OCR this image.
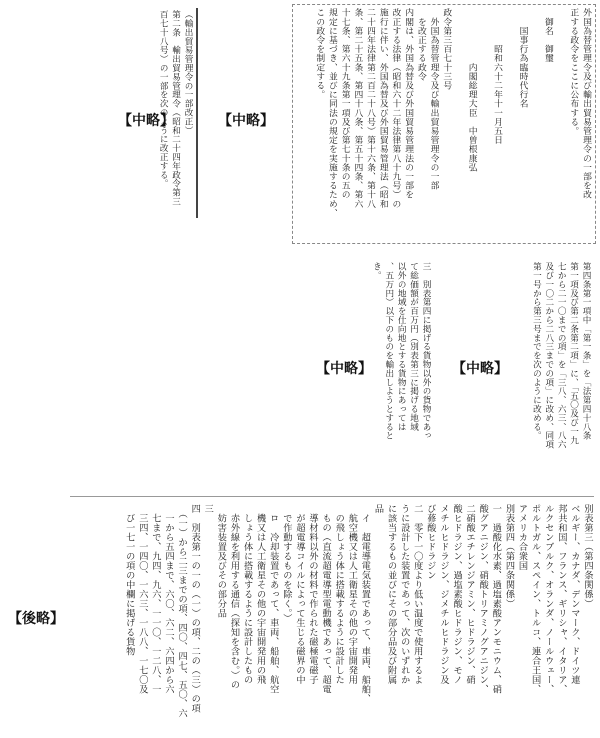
外国為替管理令及び輸出貿易管理令の一部を改
正する政令をここに公布する。

　御名　御璽

　　国事行為臨時代行名

　　　　昭和六十二年十一月五日

　　　　　　内閣総理大臣　中曽根康弘

政令第三百七十三号
　外国為替管理令及び輸出貿易管理令の一部
　を改正する政令
内閣は、外国為替及び外国貿易管理法の一部を
改正する法律（昭和六十二年法律第八十九号）の
施行に伴い、外国為替及び外国貿易管理法（昭和
二十四年法律第二百二十八号）第十六条、第十八
条、第二十五条、第四十八条、第五十四条、第六
十七条、第六十九条第一項及び第七十条の五の
規定に基づき、並びに同法の規定を実施するため、
この政令を制定する。
（輸出貿易管理令の一部改正）
第二条　輸出貿易管理令（昭和二十四年政令第三
百七十八号）の一部を次のように改正する。
【中略】	【中略】
第四条第一項中「第一条」を「法第四十八条
第一項及び第二条第二項」に、「五〇及び一九
七から二一〇までの項」を「三八、六三、八六
及び一〇二から二八三までの項」に改め、同項
第一号から第三号までを次のように改める。
三　別表第四に掲げる貨物以外の貨物であっ
て総価額が百万円（別表第三に掲げる地域
以外の地域を仕向地とする貨物にあっては
、五万円）以下のものを輸出しようとすると
き。
【中略】	【中略】
別表第三（第四条関係）
ベルギー、カナダ、デンマーク、ドイツ連
邦共和国、フランス、ギリシャ、イタリア、
ルクセンブルク、オランダ、ノールウェー、
ポルトガル、スペイン、トルコ、連合王国、
アメリカ合衆国
別表第四（第四条関係）
一　過酸化水素、過塩素酸アンモニウム、硝
酸グアニジン、硝酸トリアミノグアニジン、
二硝酸エチレンジアミン、ヒドラジン、硝
酸ヒドラジン、過塩素酸ヒドラジン、モノ
メチルヒドラジン、ジメチルヒドラジン及
び蓚酸ヒドラジン
二　零下一〇度より低い温度で使用するよ
うに設計した装置であって、次のいずれか
に該当するもの並びにその部分品及び附属
品
　イ　超電導電気装置であって、車両、船舶、
　航空機又は人工衛星その他の宇宙開発用
　の飛しょう体に搭載するように設計した
　もの（直流超電導型電動機であって、超電
　導材料以外の材料で作られた磁極電磁子
　が超電導コイルによって生じる磁界の中
　で作動するものを除く。）
　ロ　冷却装置であって、車両、船舶、航空
　機又は人工衛星その他の宇宙開発用の飛
　しょう体に搭載するように設計したもの
　赤外線を利用する通信（探知を含む。）の
　妨害装置及びその部分品
三
四　別表第一の一の（一）の項、二の（三）の項
　（一）から二三までの項、四〇、四七、五〇、六
　一から五四まで、六〇、六二、六四から六
　七まで、九四、九六、一一〇、一二八、一
　三四、一四〇、一六三、一八八、一七〇及
　び一七一の項の中欄に掲げる貨物
【後略】
